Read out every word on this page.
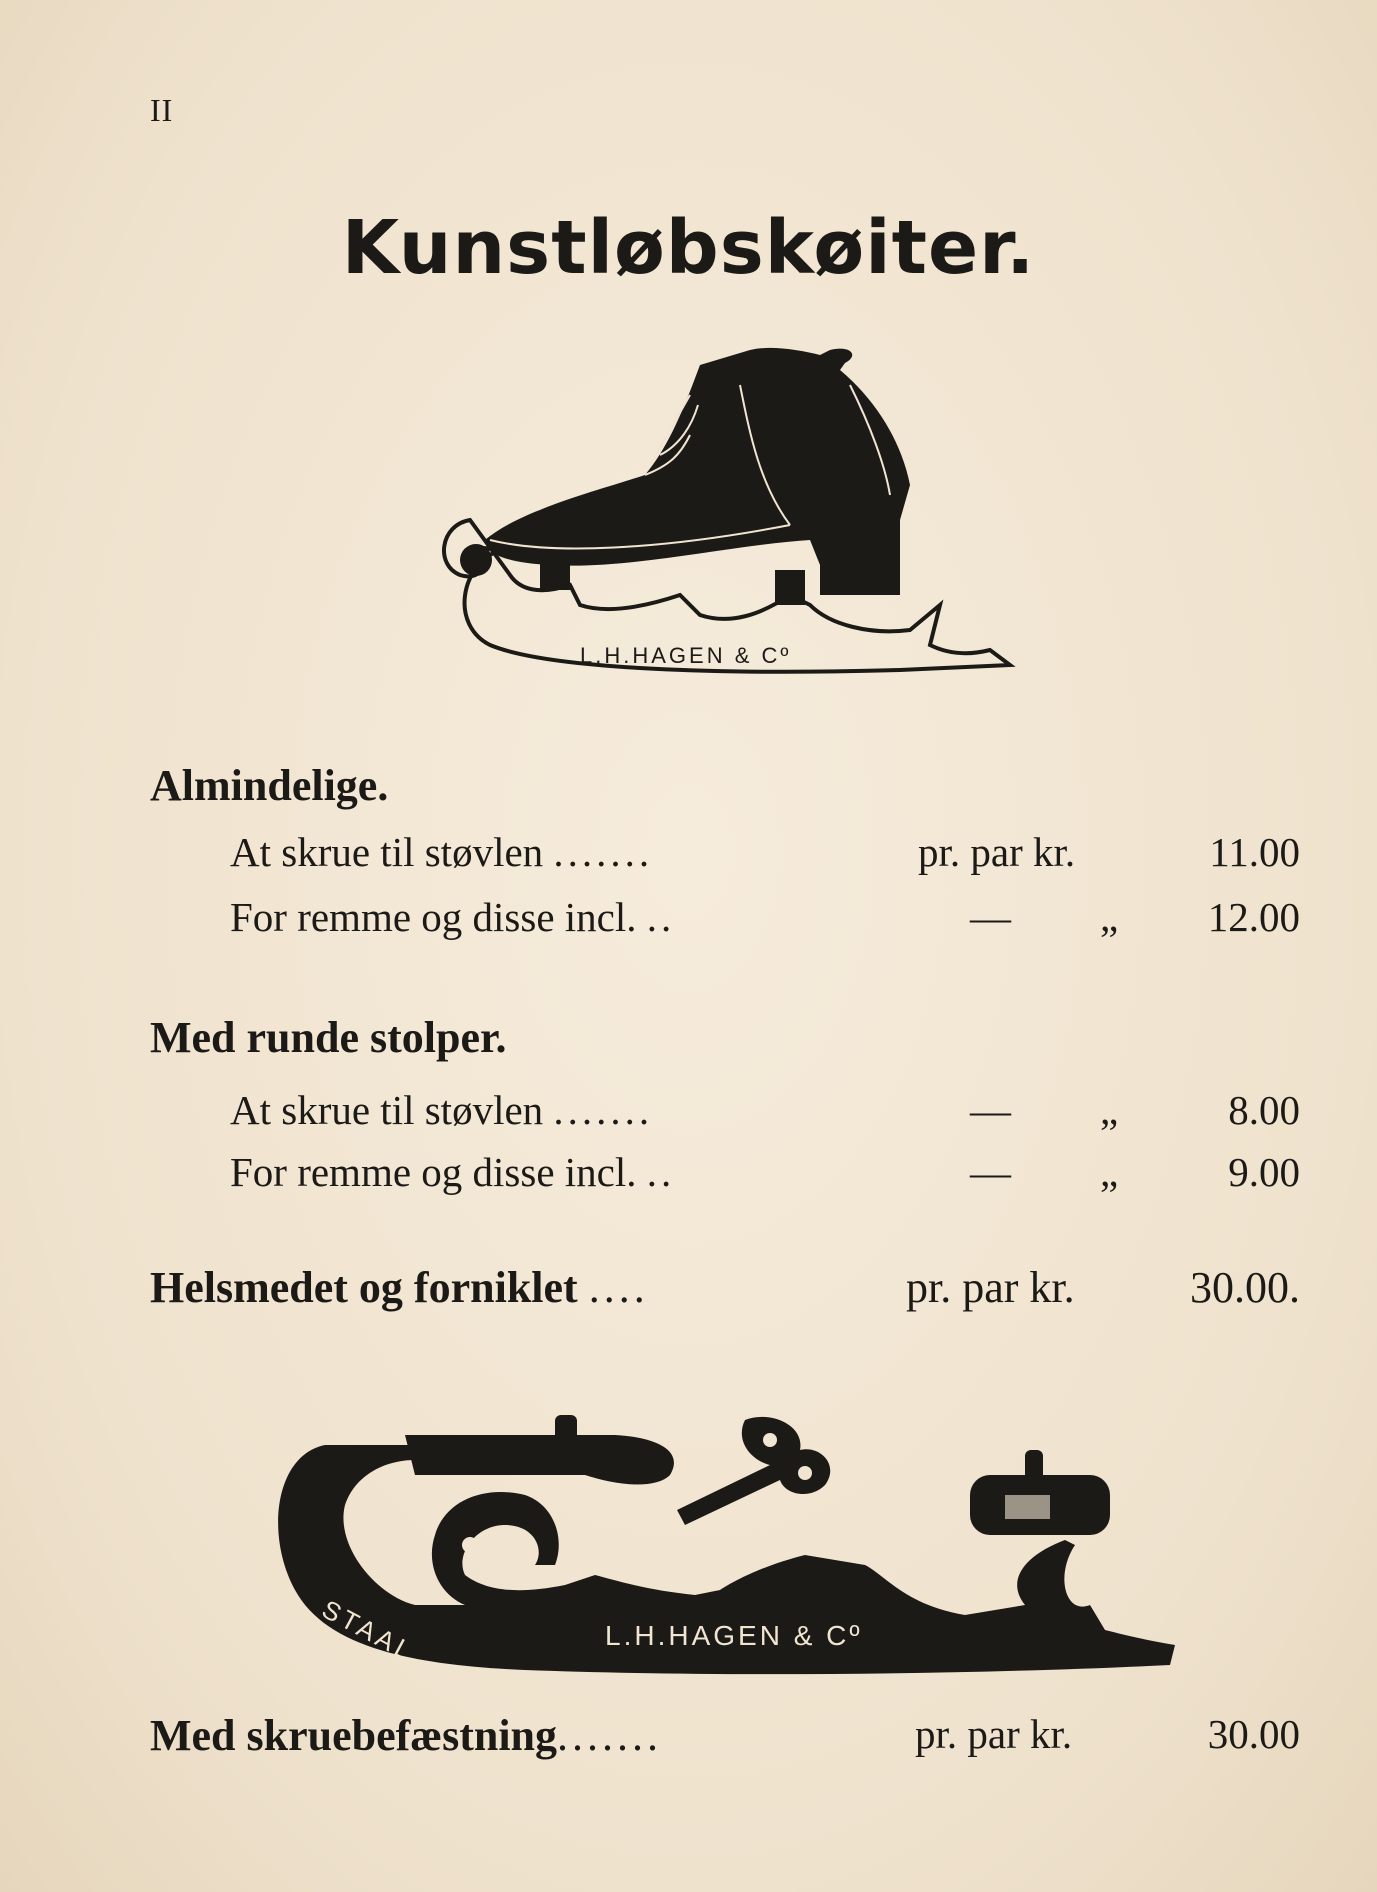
II
Kunstløbskøiter.
L.H.HAGEN & Cº
Almindelige.
At skrue til støvlen .......	pr. par kr.	11.00
For remme og disse incl. ..	— „ 12.00
Med runde stolper.
At skrue til støvlen .......	— „	8.00
For remme og disse incl. ..	— „	9.00
Helsmedet og forniklet ....	pr. par kr.	30.00.
STAAL	L.H.HAGEN & Cº
Med skruebefæstning.......	pr. par kr.	30.00
